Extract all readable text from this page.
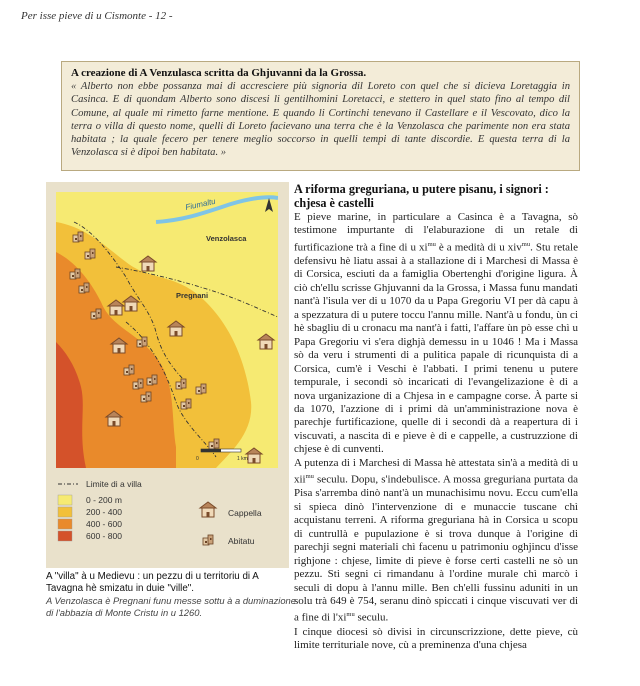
Per isse pieve di u Cismonte - 12 -
A creazione di A Venzulasca scritta da Ghjuvanni da la Grossa.
« Alberto non ebbe possanza mai di accresciere più signoria dil Loreto con quel che si dicieva Loretaggia in Casinca. E di quondam Alberto sono discesi li gentilhomini Loretacci, e stettero in quel stato fino al tempo dil Comune, al quale mi rimetto farne mentione. E quando li Cortinchi tenevano il Castellare e il Vescovato, dico la terra o villa di questo nome, quelli di Loreto facievano una terra che è la Venzolasca che parimente non era stata habitata ; la quale fecero per tenere meglio soccorso in quelli tempi di tante discordie. E questa terra di la Venzolasca si è dipoi ben habitata. »
Fiumaltu
Venzolasca
Pregnani
0	1 km
Limite di a villa
0 - 200 m
200 - 400
400 - 600
600 - 800
Cappella
Abitatu
A "villa" à u Medievu : un pezzu di u territoriu di A Tavagna hè smizatu in duie "ville".
A Venzolasca è Pregnani funu messe sottu à a duminazione di l'abbazia di Monte Cristu in u 1260.
A riforma greguriana, u putere pisanu, i signori : chjesa è castelli

E pieve marine, in particulare a Casinca è a Tavagna, sò testimone impurtante di l'elaburazione di un retale di furtificazione trà a fine di u $xi^{mu}$ è a medità di u xiv$^{mu}$. Stu retale defensivu hè liatu assai à a stallazione di i Marchesi di Massa è di Corsica, esciuti da a famiglia Obertenghi d'origine ligura. À ciò ch'ellu scrisse Ghjuvanni da la Grossa, i Massa funu mandati nant'à l'isula ver di u 1070 da u Papa Gregoriu VI per dà capu à a spezzatura di u putere toccu l'annu mille. Nant'à u fondu, ùn ci hè sbagliu di u cronacu ma nant'à i fatti, l'affare ùn pò esse chì u Papa Gregoriu vi s'era dighjà demessu in u 1046 ! Ma i Massa sò da veru i strumenti di a pulitica papale di ricunquista di a Corsica, cum'è i Veschi è l'abbati. I primi tenenu u putere tempurale, i secondi sò incaricati di l'evangelizazione è di a nova urganizazione di a Chjesa in e campagne corse. À parte si da 1070, l'azzione di i primi dà un'amministrazione nova è parechje furtificazione, quelle di i secondi dà a reapertura di i viscuvati, a nascita di e pieve è di e cappelle, a custruzzione di chjese è di cunventi.

A putenza di i Marchesi di Massa hè attestata sin'à a medità di u xii$^{mu}$ seculu. Dopu, s'indebulisce. A mossa greguriana purtata da Pisa s'arremba dinò nant'à un munachisimu novu. Eccu cum'ella si spieca dinò l'intervenzione di e munaccie tuscane chì acquistanu terreni. A riforma greguriana hà in Corsica u scopu di cuntrullà e pupulazione è si trova dunque à l'origine di parechji segni materiali chì facenu u patrimoniu oghjincu d'isse righjone : chjese, limite di pieve è forse certi castelli ne sò un pezzu. Sti segni ci rimandanu à l'ordine murale chì marcò i seculi di dopu à l'annu mille. Ben ch'elli fussinu aduniti in un solu trà 649 è 754, seranu dinò spiccati i cinque viscuvati ver di a fine di $l'xi^{mu}$ seculu.

I cinque diocesi sò divisi in circunscrizzione, dette pieve, cù limite territuriale nove, cù a preminenza d'una chjesa
